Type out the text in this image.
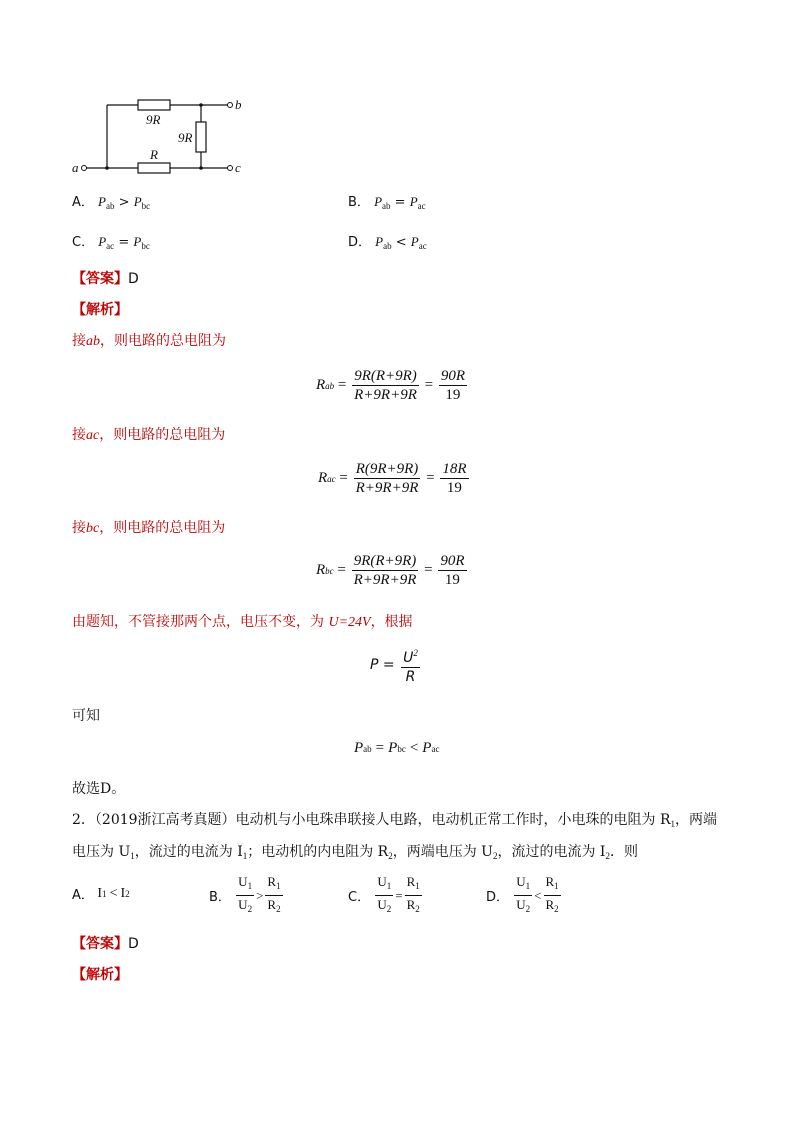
a
b
c
9R
9R
R
A． $P_{ab} > P_{bc}$	B． $P_{ab} = P_{ac}$
C． $P_{ac} = P_{bc}$	D． $P_{ab} < P_{ac}$
【答案】D
【解析】
接ab，则电路的总电阻为
R ab = $\frac{9R(R+9R)}{R+9R+9R} = \frac{90R}{19}$
接ac，则电路的总电阻为
R ac = $\frac{R(9R+9R)}{R+9R+9R} = \frac{18R}{19}$
接bc，则电路的总电阻为
R bc = $\frac{9R(R+9R)}{R+9R+9R} = \frac{90R}{19}$
由题知，不管接那两个点，电压不变，为 U=24V，根据
P =
$\frac{U^2}{R}$
可知
P ab = P bc < P ac
故选D。
2．（2019浙江高考真题）电动机与小电珠串联接人电路，电动机正常工作时，小电珠的电阻为 $R_1$，两端
电压为 $U_1$，流过的电流为 $I_1$；电动机的内电阻为 $R_2$，两端电压为 $U_2$，流过的电流为 $I_2$．则
A．
I 1 < I 2	B．
$\frac{U_1}{U_2} > \frac{R_1}{R_2}$	C．
$\frac{U_1}{U_2} = \frac{R_1}{R_2}$	D．
$\frac{U_1}{U_2} < \frac{R_1}{R_2}$
【答案】D
【解析】
